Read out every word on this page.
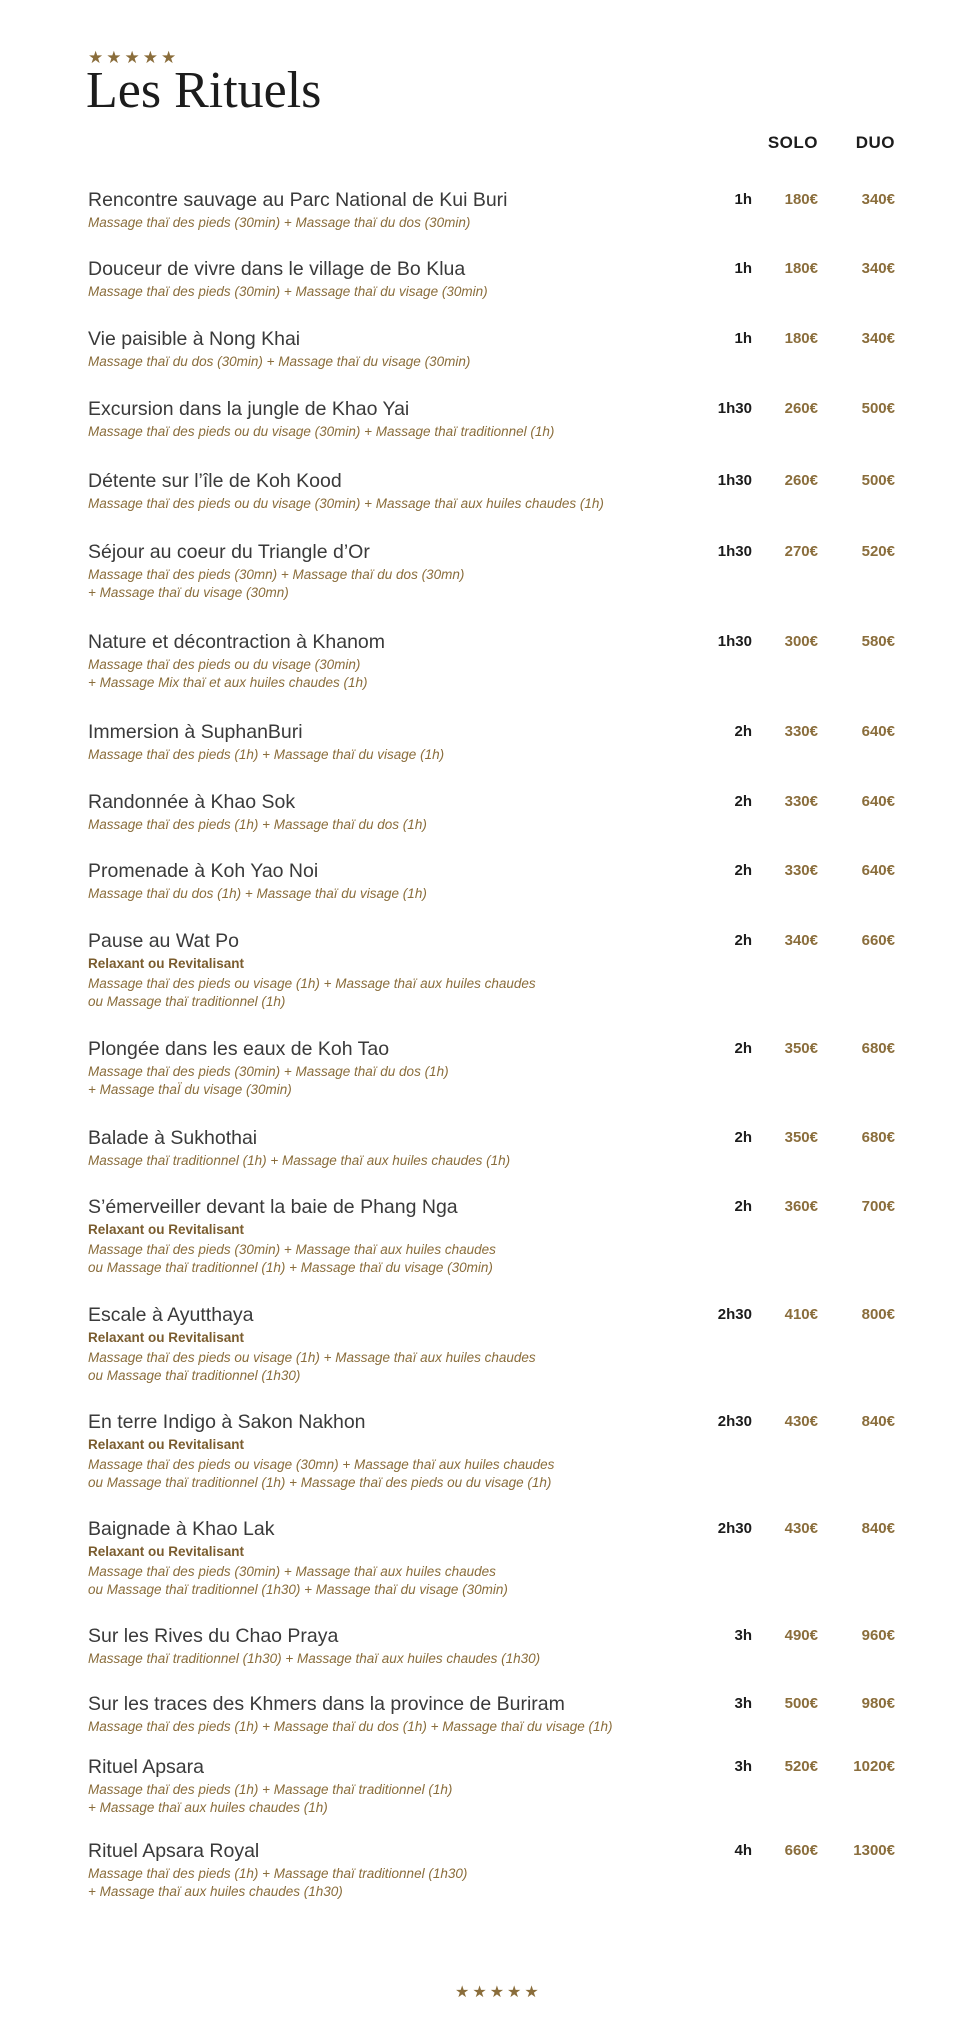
★★★★★
Les Rituels
SOLO	DUO
Rencontre sauvage au Parc National de Kui Buri
Massage thaï des pieds (30min) + Massage thaï du dos (30min)
1h	180€	340€
Douceur de vivre dans le village de Bo Klua
Massage thaï des pieds (30min) + Massage thaï du visage (30min)
1h	180€	340€
Vie paisible à Nong Khai
Massage thaï du dos (30min) + Massage thaï du visage (30min)
1h	180€	340€
Excursion dans la jungle de Khao Yai
Massage thaï des pieds ou du visage (30min) + Massage thaï traditionnel (1h)
1h30	260€	500€
Détente sur l’île de Koh Kood
Massage thaï des pieds ou du visage (30min) + Massage thaï aux huiles chaudes (1h)
1h30	260€	500€
Séjour au coeur du Triangle d’Or
Massage thaï des pieds (30mn) + Massage thaï du dos (30mn)
+ Massage thaï du visage (30mn)
1h30	270€	520€
Nature et décontraction à Khanom
Massage thaï des pieds ou du visage (30min)
+ Massage Mix thaï et aux huiles chaudes (1h)
1h30	300€	580€
Immersion à SuphanBuri
Massage thaï des pieds (1h) + Massage thaï du visage (1h)
2h	330€	640€
Randonnée à Khao Sok
Massage thaï des pieds (1h) + Massage thaï du dos (1h)
2h	330€	640€
Promenade à Koh Yao Noi
Massage thaï du dos (1h) + Massage thaï du visage (1h)
2h	330€	640€
Pause au Wat Po
Relaxant ou Revitalisant
Massage thaï des pieds ou visage (1h) + Massage thaï aux huiles chaudes
ou Massage thaï traditionnel (1h)
2h	340€	660€
Plongée dans les eaux de Koh Tao
Massage thaï des pieds (30min) + Massage thaï du dos (1h)
+ Massage thaÏ du visage (30min)
2h	350€	680€
Balade à Sukhothai
Massage thaï traditionnel (1h) + Massage thaï aux huiles chaudes (1h)
2h	350€	680€
S’émerveiller devant la baie de Phang Nga
Relaxant ou Revitalisant
Massage thaï des pieds (30min) + Massage thaï aux huiles chaudes
ou Massage thaï traditionnel (1h) + Massage thaï du visage (30min)
2h	360€	700€
Escale à Ayutthaya
Relaxant ou Revitalisant
Massage thaï des pieds ou visage (1h) + Massage thaï aux huiles chaudes
ou Massage thaï traditionnel (1h30)
2h30	410€	800€
En terre Indigo à Sakon Nakhon
Relaxant ou Revitalisant
Massage thaï des pieds ou visage (30mn) + Massage thaï aux huiles chaudes
ou Massage thaï traditionnel (1h) + Massage thaï des pieds ou du visage (1h)
2h30	430€	840€
Baignade à Khao Lak
Relaxant ou Revitalisant
Massage thaï des pieds (30min) + Massage thaï aux huiles chaudes
ou Massage thaï traditionnel (1h30) + Massage thaï du visage (30min)
2h30	430€	840€
Sur les Rives du Chao Praya
Massage thaï traditionnel (1h30) + Massage thaï aux huiles chaudes (1h30)
3h	490€	960€
Sur les traces des Khmers dans la province de Buriram
Massage thaï des pieds (1h) + Massage thaï du dos (1h) + Massage thaï du visage (1h)
3h	500€	980€
Rituel Apsara
Massage thaï des pieds (1h) + Massage thaï traditionnel (1h)
+ Massage thaï aux huiles chaudes (1h)
3h	520€	1020€
Rituel Apsara Royal
Massage thaï des pieds (1h) + Massage thaï traditionnel (1h30)
+ Massage thaï aux huiles chaudes (1h30)
4h	660€	1300€
★★★★★
